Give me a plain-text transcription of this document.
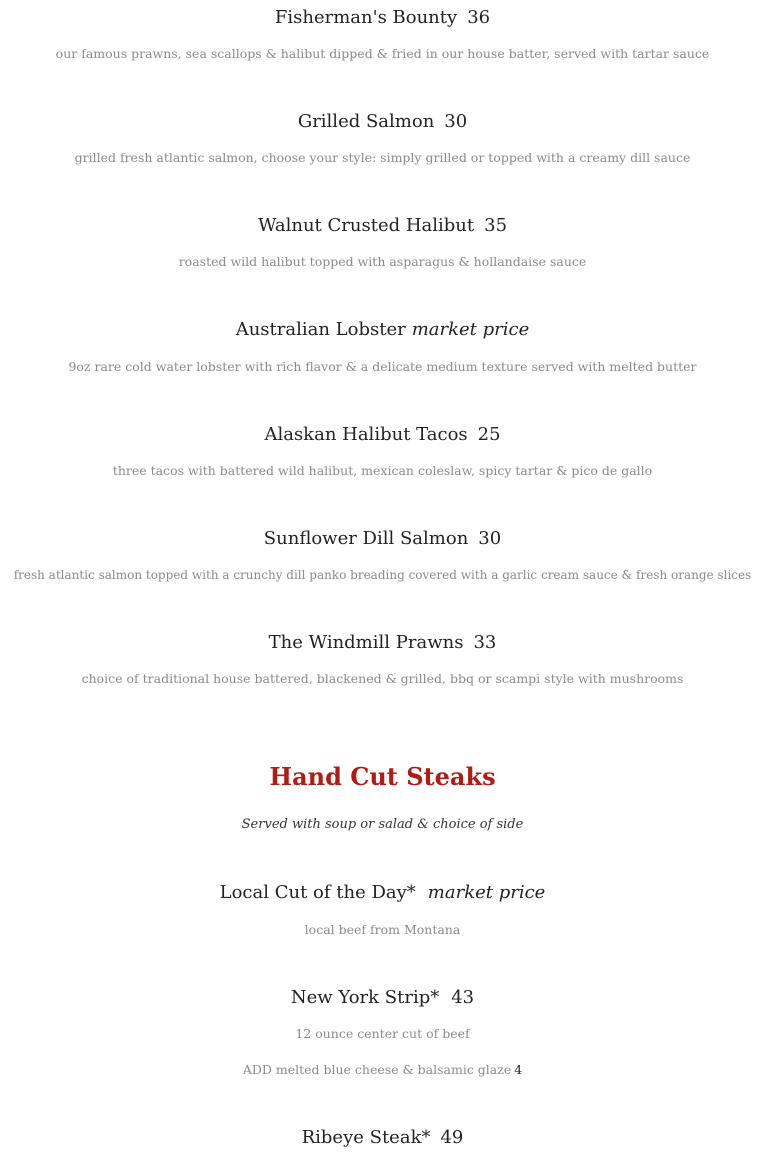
Fisherman's Bounty 36

our famous prawns, sea scallops & halibut dipped & fried in our house batter, served with tartar sauce

Grilled Salmon 30

grilled fresh atlantic salmon, choose your style: simply grilled or topped with a creamy dill sauce

Walnut Crusted Halibut 35

roasted wild halibut topped with asparagus & hollandaise sauce

Australian Lobster market price

9oz rare cold water lobster with rich flavor & a delicate medium texture served with melted butter

Alaskan Halibut Tacos 25

three tacos with battered wild halibut, mexican coleslaw, spicy tartar & pico de gallo

Sunflower Dill Salmon 30

fresh atlantic salmon topped with a crunchy dill panko breading covered with a garlic cream sauce & fresh orange slices

The Windmill Prawns 33

choice of traditional house battered, blackened & grilled, bbq or scampi style with mushrooms

Hand Cut Steaks

Served with soup or salad & choice of side

Local Cut of the Day* market price

local beef from Montana

New York Strip* 43

12 ounce center cut of beef

ADD melted blue cheese & balsamic glaze 4

Ribeye Steak* 49
